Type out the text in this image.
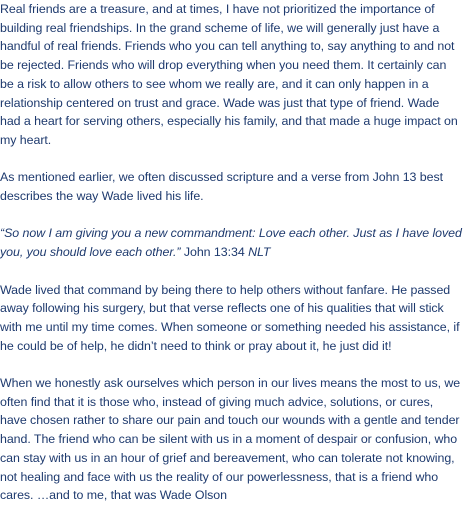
Real friends are a treasure, and at times, I have not prioritized the importance of building real friendships. In the grand scheme of life, we will generally just have a handful of real friends. Friends who you can tell anything to, say anything to and not be rejected. Friends who will drop everything when you need them. It certainly can be a risk to allow others to see whom we really are, and it can only happen in a relationship centered on trust and grace. Wade was just that type of friend. Wade had a heart for serving others, especially his family, and that made a huge impact on my heart.

As mentioned earlier, we often discussed scripture and a verse from John 13 best describes the way Wade lived his life.

“So now I am giving you a new commandment: Love each other. Just as I have loved you, you should love each other.” John 13:34 NLT

Wade lived that command by being there to help others without fanfare. He passed away following his surgery, but that verse reflects one of his qualities that will stick with me until my time comes. When someone or something needed his assistance, if he could be of help, he didn’t need to think or pray about it, he just did it!

When we honestly ask ourselves which person in our lives means the most to us, we often find that it is those who, instead of giving much advice, solutions, or cures, have chosen rather to share our pain and touch our wounds with a gentle and tender hand. The friend who can be silent with us in a moment of despair or confusion, who can stay with us in an hour of grief and bereavement, who can tolerate not knowing, not healing and face with us the reality of our powerlessness, that is a friend who cares. …and to me, that was Wade Olson
